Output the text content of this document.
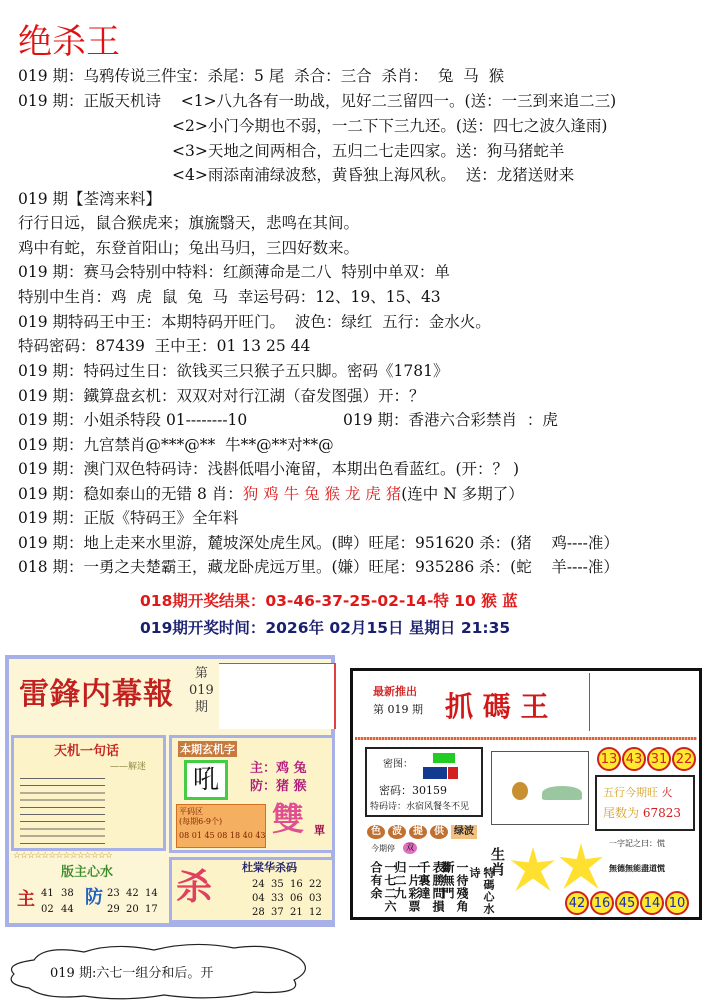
绝杀王
019 期：乌鸦传说三件宝：杀尾：5 尾  杀合：三合  杀肖：  兔  马  猴
019 期：正版天机诗    <1>八九各有一助战，见好二三留四一。(送：一三到来追二三)
<2>小门今期也不弱，一二下下三九还。(送：四七之波久逢雨)
<3>天地之间两相合，五归二七走四家。送：狗马猪蛇羊
<4>雨添南浦绿波愁，黄昏独上海风秋。  送：龙猪送财来
019 期【荃湾来料】
行行日远，鼠合猴虎来；旗旒翳天，悲鸣在其间。
鸡中有蛇，东登首阳山；兔出马归，三四好数来。
019 期：赛马会特别中特料：红颜薄命是二八  特别中单双：单
特别中生肖：鸡  虎  鼠  兔  马  幸运号码：12、19、15、43
019 期特码王中王：本期特码开旺门。  波色：绿红  五行：金水火。
特码密码：87439  王中王：01 13 25 44
019 期：特码过生日：欲钱买三只猴子五只脚。密码《1781》
019 期：鐵算盘玄机：双双对对行江湖（奋发图强）开：？
019 期：小姐杀特段 01--------10	019 期：香港六合彩禁肖  ：虎
019 期：九宫禁肖@***@**  牛**@**对**@
019 期：澳门双色特码诗：浅斟低唱小淹留，本期出色看蓝红。(开：？ )
019 期：稳如泰山的无错 8 肖：狗 鸡 牛 兔 猴 龙 虎 猪(连中 N 多期了）
019 期：正版《特码王》全年料
019 期：地上走来水里游，麓坡深处虎生风。(睥）旺尾：951620 杀：(猪    鸡----准）
018 期：一勇之夫楚霸王，藏龙卧虎远万里。(嫌）旺尾：935286 杀：(蛇    羊----准）
018期开奖结果：03-46-37-25-02-14-特 10 猴 蓝
019期开奖时间：2026年 02月15日 星期日 21:35
雷鋒内幕報
第
019
期
天机一句话
——解迷
本期玄机字
吼	主：鸡 兔
防：猪 猴
雙 單
平码区
(每期6-9个)
08 01 45 08 18 40 43
☆☆☆☆☆☆☆☆☆☆☆☆☆☆
版主心水
主 41 38
02 44
防 23 42 14
29 20 17
杀	杜棠华杀码
24 35 16 22
04 33 06 03
28 37 21 12
最新推出
第 019 期 抓 碼 王
密图：
密码：30159
特码诗：水宿风餐冬不见
13 43 31 22
五行今期旺 火
尾数为 67823
色	波	提	供	绿波
今期停	双
一七二六合有余	一片彩票归二九	表勝問損千裏達	一待殘角斷無門	特碼心水诗 生肖
一字記之曰：慌
無德無能盡道慌
42 16 45 14 10
019 期:六七一组分和后。开
